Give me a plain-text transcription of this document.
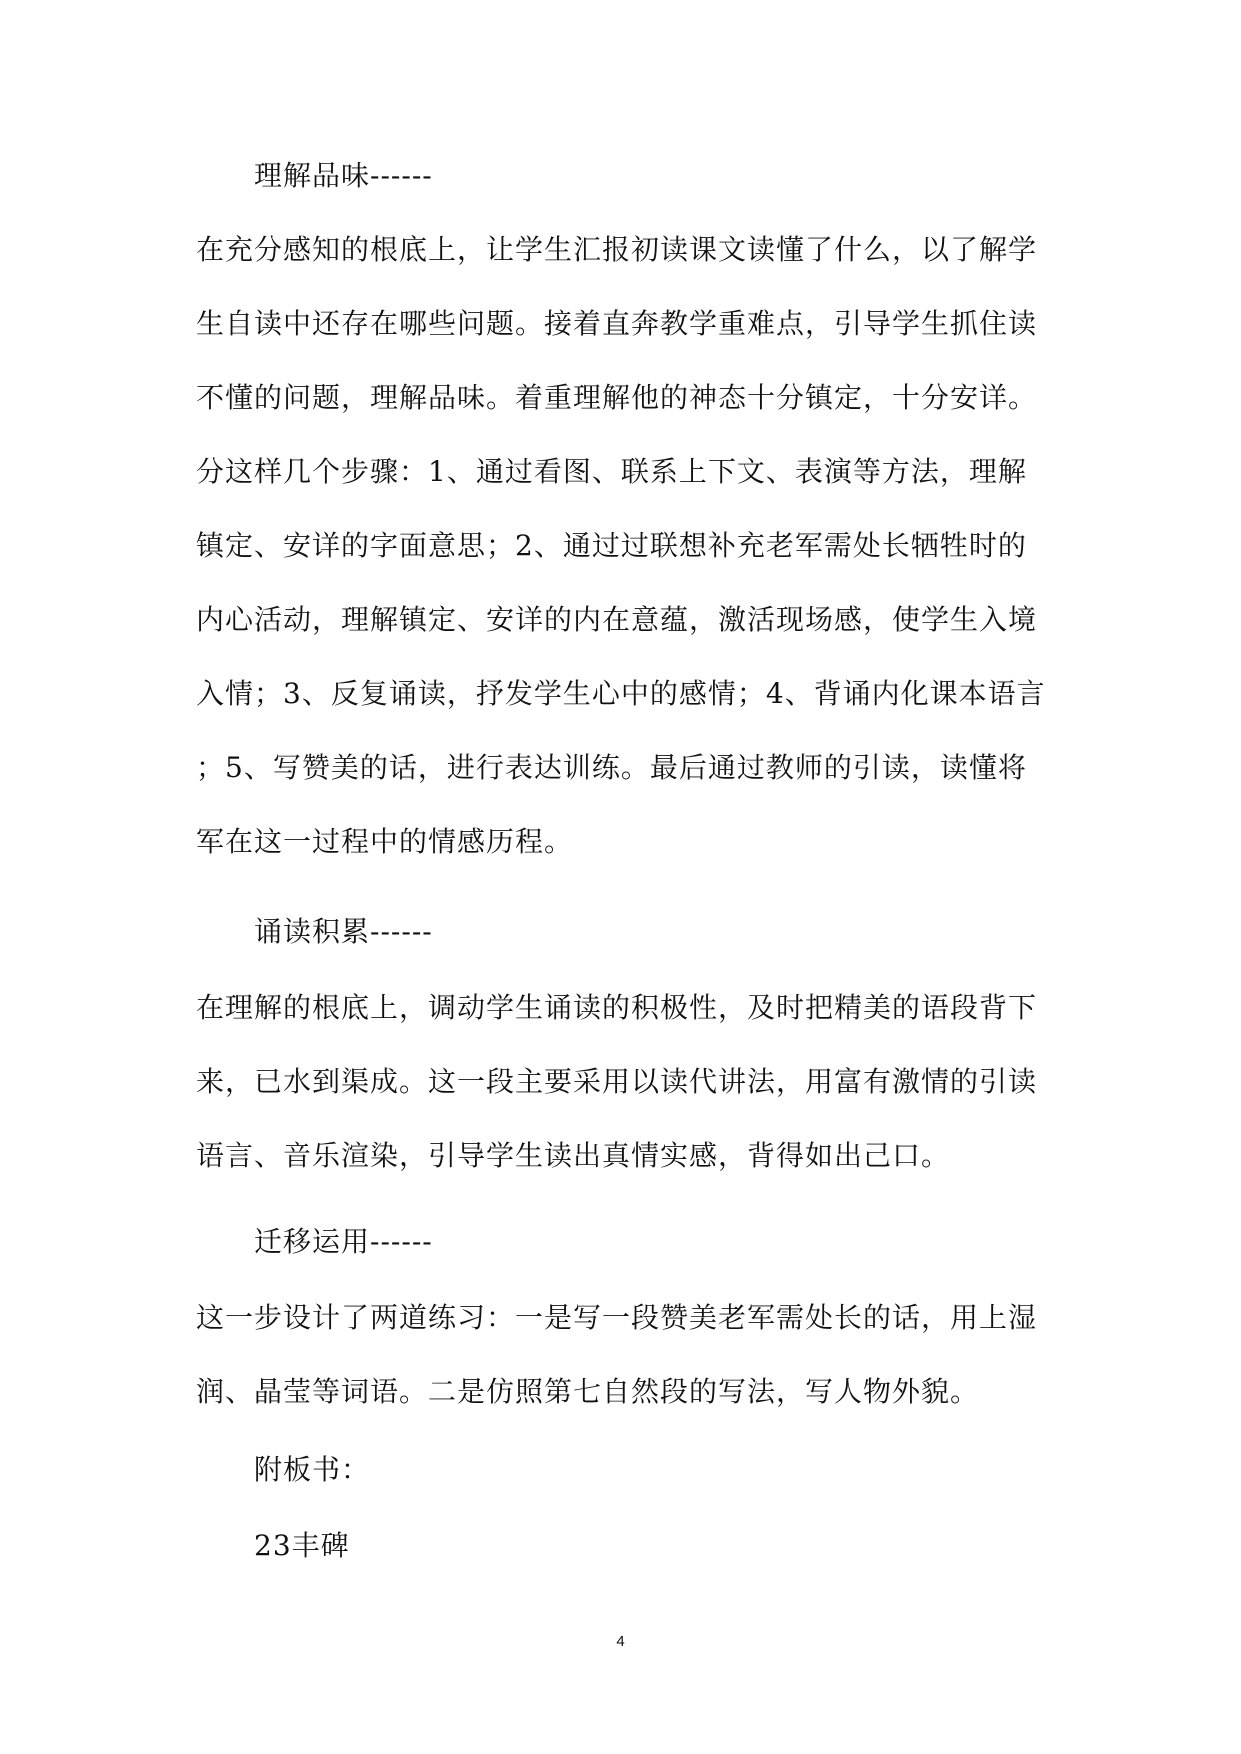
理解品味------
在充分感知的根底上，让学生汇报初读课文读懂了什么，以了解学
生自读中还存在哪些问题。接着直奔教学重难点，引导学生抓住读
不懂的问题，理解品味。着重理解他的神态十分镇定，十分安详。
分这样几个步骤：1、通过看图、联系上下文、表演等方法，理解
镇定、安详的字面意思；2、通过过联想补充老军需处长牺牲时的
内心活动，理解镇定、安详的内在意蕴，激活现场感，使学生入境
入情；3、反复诵读，抒发学生心中的感情；4、背诵内化课本语言
；5、写赞美的话，进行表达训练。最后通过教师的引读，读懂将
军在这一过程中的情感历程。
诵读积累------
在理解的根底上，调动学生诵读的积极性，及时把精美的语段背下
来，已水到渠成。这一段主要采用以读代讲法，用富有激情的引读
语言、音乐渲染，引导学生读出真情实感，背得如出己口。
迁移运用------
这一步设计了两道练习：一是写一段赞美老军需处长的话，用上湿
润、晶莹等词语。二是仿照第七自然段的写法，写人物外貌。
附板书：
23丰碑
4
